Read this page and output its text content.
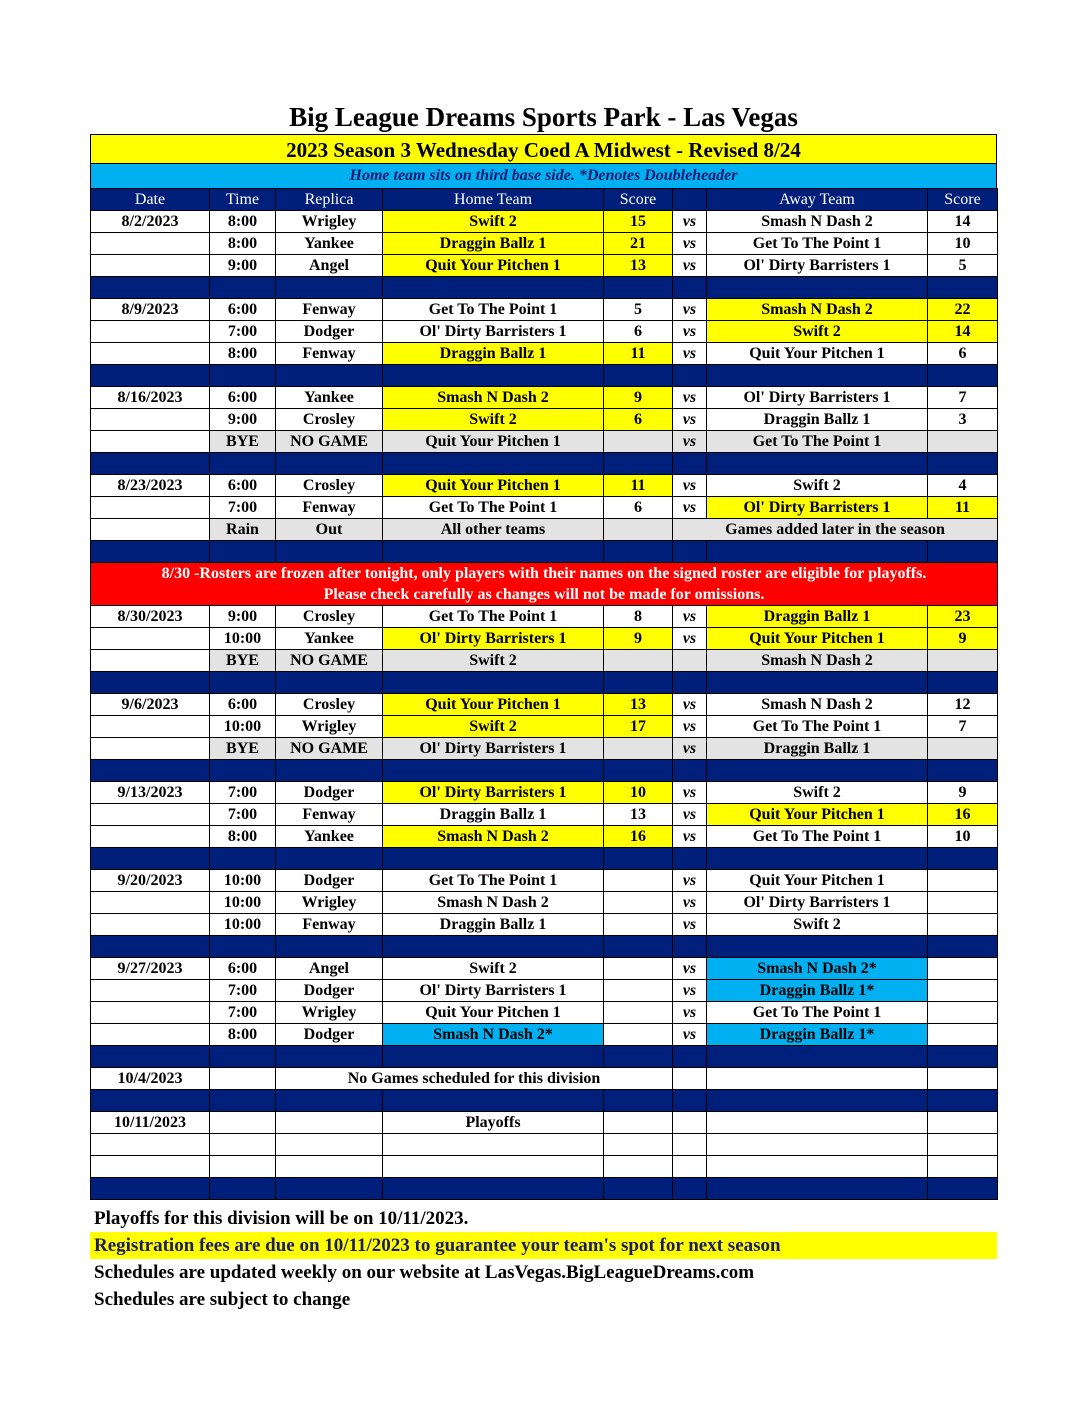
Big League Dreams Sports Park - Las Vegas
2023 Season 3 Wednesday Coed A Midwest - Revised 8/24
Home team sits on third base side. *Denotes Doubleheader
Date	Time	Replica	Home Team	Score		Away Team	Score
8/2/2023	8:00	Wrigley	Swift 2	15	vs	Smash N Dash 2	14
	8:00	Yankee	Draggin Ballz 1	21	vs	Get To The Point 1	10
	9:00	Angel	Quit Your Pitchen 1	13	vs	Ol' Dirty Barristers 1	5

8/9/2023	6:00	Fenway	Get To The Point 1	5	vs	Smash N Dash 2	22
	7:00	Dodger	Ol' Dirty Barristers 1	6	vs	Swift 2	14
	8:00	Fenway	Draggin Ballz 1	11	vs	Quit Your Pitchen 1	6

8/16/2023	6:00	Yankee	Smash N Dash 2	9	vs	Ol' Dirty Barristers 1	7
	9:00	Crosley	Swift 2	6	vs	Draggin Ballz 1	3
	BYE	NO GAME	Quit Your Pitchen 1		vs	Get To The Point 1	

8/23/2023	6:00	Crosley	Quit Your Pitchen 1	11	vs	Swift 2	4
	7:00	Fenway	Get To The Point 1	6	vs	Ol' Dirty Barristers 1	11
	Rain	Out	All other teams		Games added later in the season		

8/30 -Rosters are frozen after tonight, only players with their names on the signed roster are eligible for playoffs.
Please check carefully as changes will not be made for omissions.							

8/30/2023	9:00	Crosley	Get To The Point 1	8	vs	Draggin Ballz 1	23
	10:00	Yankee	Ol' Dirty Barristers 1	9	vs	Quit Your Pitchen 1	9
	BYE	NO GAME	Swift 2			Smash N Dash 2	

9/6/2023	6:00	Crosley	Quit Your Pitchen 1	13	vs	Smash N Dash 2	12
	10:00	Wrigley	Swift 2	17	vs	Get To The Point 1	7
	BYE	NO GAME	Ol' Dirty Barristers 1		vs	Draggin Ballz 1	

9/13/2023	7:00	Dodger	Ol' Dirty Barristers 1	10	vs	Swift 2	9
	7:00	Fenway	Draggin Ballz 1	13	vs	Quit Your Pitchen 1	16
	8:00	Yankee	Smash N Dash 2	16	vs	Get To The Point 1	10

9/20/2023	10:00	Dodger	Get To The Point 1		vs	Quit Your Pitchen 1	
	10:00	Wrigley	Smash N Dash 2		vs	Ol' Dirty Barristers 1	
	10:00	Fenway	Draggin Ballz 1		vs	Swift 2	

9/27/2023	6:00	Angel	Swift 2		vs	Smash N Dash 2*	
	7:00	Dodger	Ol' Dirty Barristers 1		vs	Draggin Ballz 1*	
	7:00	Wrigley	Quit Your Pitchen 1		vs	Get To The Point 1	
	8:00	Dodger	Smash N Dash 2*		vs	Draggin Ballz 1*	

10/4/2023		No Games scheduled for this division					

10/11/2023			Playoffs				

Playoffs for this division will be on 10/11/2023.
Registration fees are due on 10/11/2023 to guarantee your team's spot for next season
Schedules are updated weekly on our website at LasVegas.BigLeagueDreams.com
Schedules are subject to change
